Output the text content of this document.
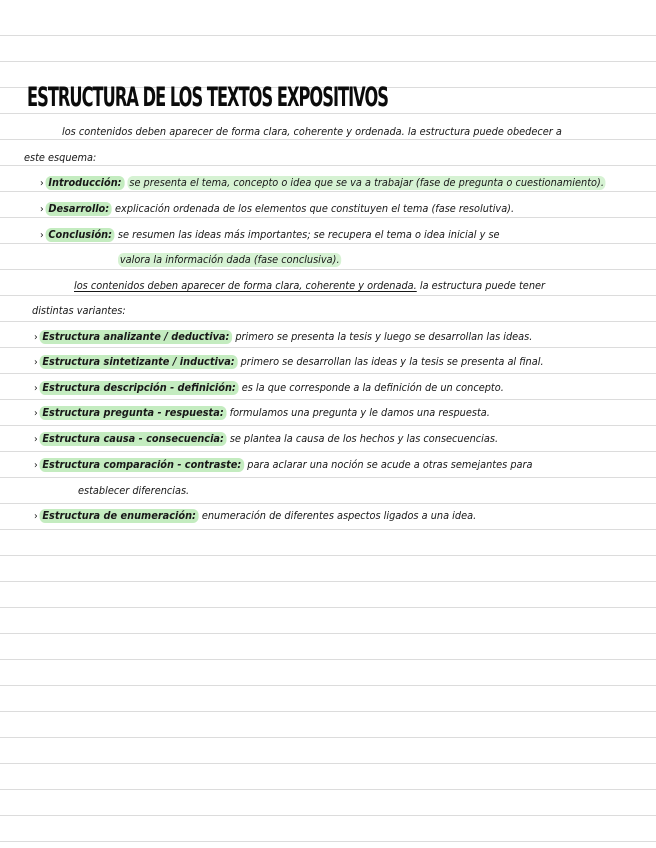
ESTRUCTURA DE LOS TEXTOS EXPOSITIVOS
los contenidos deben aparecer de forma clara, coherente y ordenada. la estructura puede obedecer a
este esquema:
› Introducción: se presenta el tema, concepto o idea que se va a trabajar (fase de pregunta o cuestionamiento).
› Desarrollo: explicación ordenada de los elementos que constituyen el tema (fase resolutiva).
› Conclusión: se resumen las ideas más importantes; se recupera el tema o idea inicial y se
valora la información dada (fase conclusiva).
los contenidos deben aparecer de forma clara, coherente y ordenada. la estructura puede tener
distintas variantes:
› Estructura analizante / deductiva: primero se presenta la tesis y luego se desarrollan las ideas.
› Estructura sintetizante / inductiva: primero se desarrollan las ideas y la tesis se presenta al final.
› Estructura descripción - definición: es la que corresponde a la definición de un concepto.
› Estructura pregunta - respuesta: formulamos una pregunta y le damos una respuesta.
› Estructura causa - consecuencia: se plantea la causa de los hechos y las consecuencias.
› Estructura comparación - contraste: para aclarar una noción se acude a otras semejantes para
establecer diferencias.
› Estructura de enumeración: enumeración de diferentes aspectos ligados a una idea.
